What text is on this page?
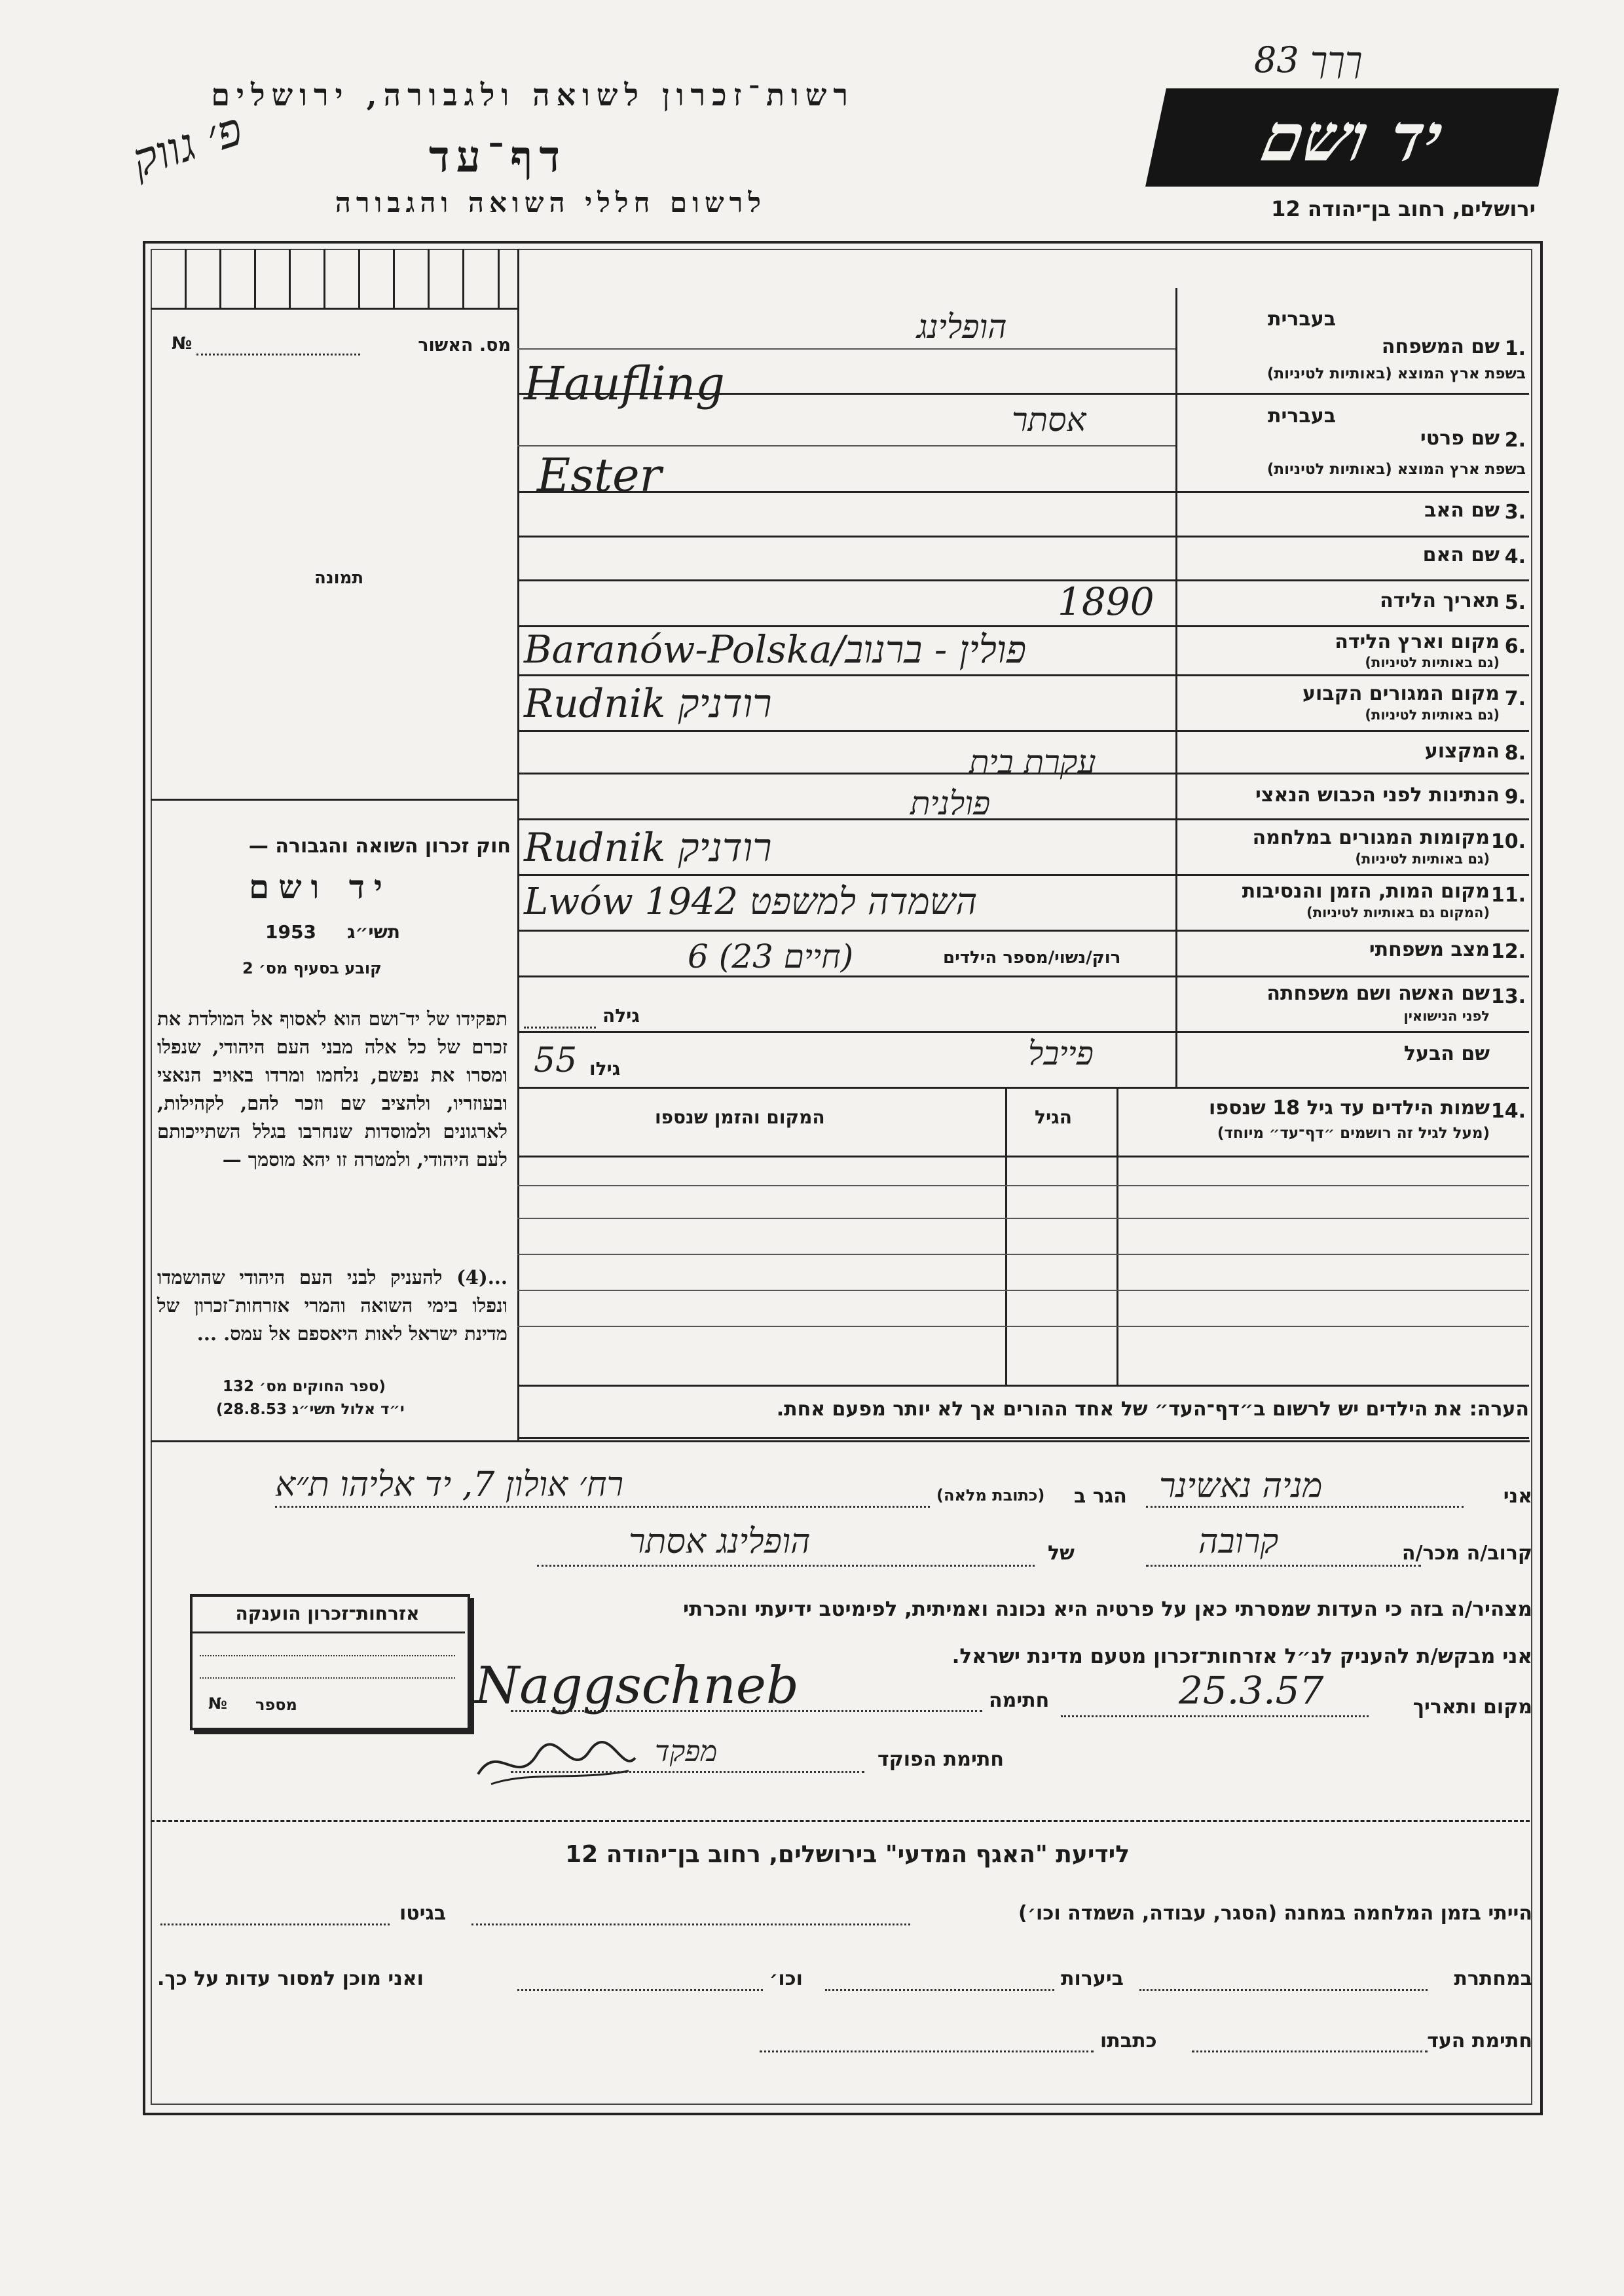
רשות־זכרון לשואה ולגבורה, ירושלים
דף־עד
לרשום חללי השואה והגבורה
פ׳ גווק
83 ךךך
יד ושם
ירושלים, רחוב בן־יהודה 12
מס. האשור
№
תמונה
חוק זכרון השואה והגבורה —
יד ושם
תשי״ג
1953
קובע בסעיף מס׳ 2
תפקידו של יד־ושם הוא לאסוף אל המולדת את זכרם של כל אלה מבני העם היהודי, שנפלו ומסרו את נפשם, נלחמו ומרדו באויב הנאצי ובעוזריו, ולהציב שם וזכר להם, לקהילות, לארגונים ולמוסדות שנחרבו בגלל השתייכותם לעם היהודי, ולמטרה זו יהא מוסמך —
...(4) להעניק לבני העם היהודי שהושמדו ונפלו בימי השואה והמרי אזרחות־זכרון של מדינת ישראל לאות היאספם אל עמס. ...
(ספר החוקים מס׳ 132
י״ד אלול תשי״ג 28.8.53)
בעברית
1.
שם המשפחה
בשפת ארץ המוצא (באותיות לטיניות)
בעברית
2.
שם פרטי
בשפת ארץ המוצא (באותיות לטיניות)
3.
שם האב
4.
שם האם
5.
תאריך הלידה
6.
מקום וארץ הלידה
(גם באותיות לטיניות)
7.
מקום המגורים הקבוע
(גם באותיות לטיניות)
8.
המקצוע
9.
הנתינות לפני הכבוש הנאצי
10.
מקומות המגורים במלחמה
(גם באותיות לטיניות)
11.
מקום המות, הזמן והנסיבות
(המקום גם באותיות לטיניות)
12.
מצב משפחתי
13.
שם האשה ושם משפחתה
לפני הנישואין
שם הבעל
הופלינג
Haufling
אסתר
Ester
1890
Baranów-Polska/פולין - ברנוב
Rudnik רודניק
עקרת בית
פולנית
Rudnik רודניק
Lwów השמדה למשפט 1942
רוק/נשוי/מספר הילדים
6 (23 חיים)
גילה
פייבל
גילו
55
14.
שמות הילדים עד גיל 18 שנספו
(מעל לגיל זה רושמים ״דף־עד״ מיוחד)
הגיל
המקום והזמן שנספו
הערה: את הילדים יש לרשום ב״דף־העד״ של אחד ההורים אך לא יותר מפעם אחת.
אני
מניה נאשינר
הגר ב
(כתובת מלאה)
רח׳ אולון 7, יד אליהו ת״א
קרוב/ה מכר/ה
קרובה
של
הופלינג אסתר
מצהיר/ה בזה כי העדות שמסרתי כאן על פרטיה היא נכונה ואמיתית, לפימיטב ידיעתי והכרתי
אני מבקש/ת להעניק לנ״ל אזרחות־זכרון מטעם מדינת ישראל.
מקום ותאריך
25.3.57
חתימה
Naggschneb
חתימת הפוקד
מפקד
אזרחות־זכרון הוענקה
מספר
№
לידיעת "האגף המדעי" בירושלים, רחוב בן־יהודה 12
הייתי בזמן המלחמה במחנה (הסגר, עבודה, השמדה וכו׳)
בגיטו
במחתרת
ביערות
וכו׳
ואני מוכן למסור עדות על כך.
חתימת העד
כתבתו
